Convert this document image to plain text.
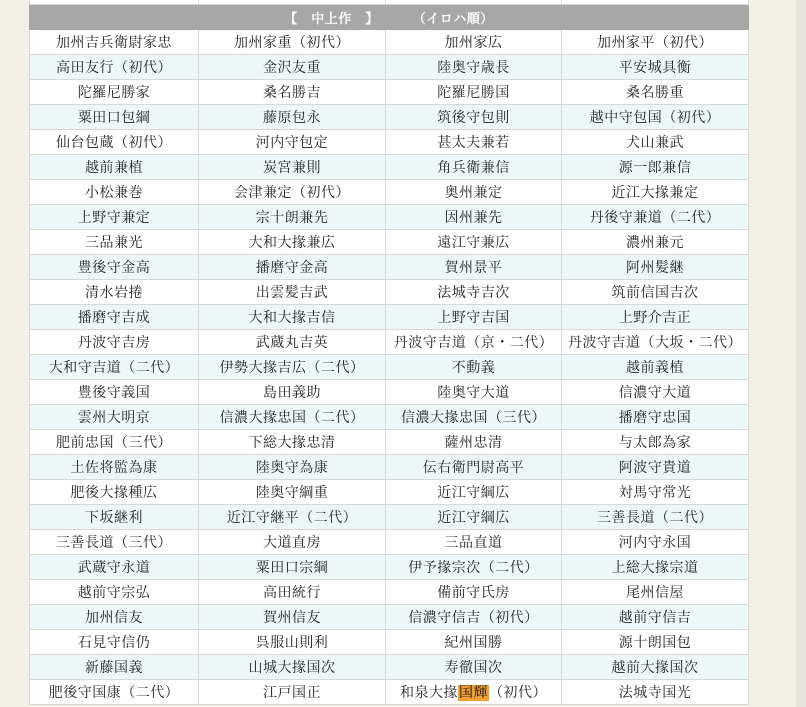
【　中上作　】 （イロハ順）			
加州吉兵衛尉家忠	加州家重（初代）	加州家広	加州家平（初代）
高田友行（初代）	金沢友重	陸奥守歳長	平安城具衡
陀羅尼勝家	桑名勝吉	陀羅尼勝国	桑名勝重
粟田口包綱	藤原包永	筑後守包則	越中守包国（初代）
仙台包蔵（初代）	河内守包定	甚太夫兼若	犬山兼武
越前兼植	炭宮兼則	角兵衛兼信	源一郎兼信
小松兼巻	会津兼定（初代）	奥州兼定	近江大掾兼定
上野守兼定	宗十朗兼先	因州兼先	丹後守兼道（二代）
三品兼光	大和大掾兼広	遠江守兼広	濃州兼元
豊後守金高	播磨守金高	賀州景平	阿州髪継
清水岩捲	出雲髪吉武	法城寺吉次	筑前信国吉次
播磨守吉成	大和大掾吉信	上野守吉国	上野介吉正
丹波守吉房	武蔵丸吉英	丹波守吉道（京・二代）	丹波守吉道（大坂・二代）
大和守吉道（二代）	伊勢大掾吉広（二代）	不動義	越前義植
豊後守義国	島田義助	陸奥守大道	信濃守大道
雲州大明京	信濃大掾忠国（二代）	信濃大掾忠国（三代）	播磨守忠国
肥前忠国（三代）	下総大掾忠清	薩州忠清	与太郎為家
土佐将監為康	陸奥守為康	伝右衛門尉高平	阿波守貴道
肥後大掾種広	陸奥守綱重	近江守綱広	対馬守常光
下坂継利	近江守継平（二代）	近江守綱広	三善長道（二代）
三善長道（三代）	大道直房	三品直道	河内守永国
武蔵守永道	粟田口宗綱	伊予掾宗次（二代）	上総大掾宗道
越前守宗弘	高田統行	備前守氏房	尾州信屋
加州信友	賀州信友	信濃守信吉（初代）	越前守信吉
石見守信仍	呉服山則利	紀州国勝	源十朗国包
新藤国義	山城大掾国次	寿徹国次	越前大掾国次
肥後守国康（二代）	江戸国正	和泉大掾国輝（初代）	法城寺国光
